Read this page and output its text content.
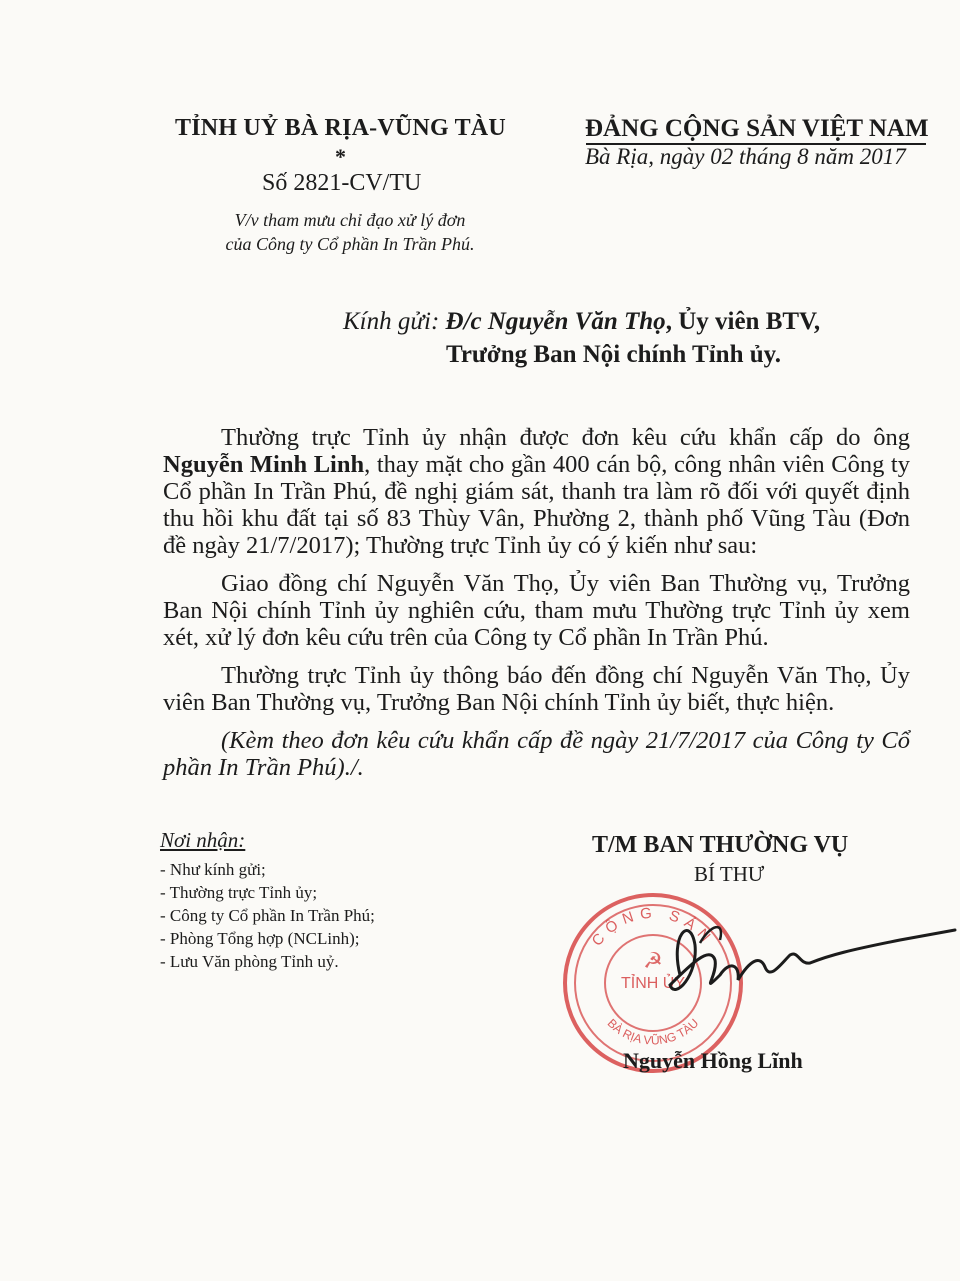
TỈNH UỶ BÀ RỊA-VŨNG TÀU
*
Số 2821-CV/TU
V/v tham mưu chỉ đạo xử lý đơn
của Công ty Cổ phần In Trần Phú.
ĐẢNG CỘNG SẢN VIỆT NAM
Bà Rịa, ngày 02 tháng 8 năm 2017
Kính gửi: Đ/c Nguyễn Văn Thọ, Ủy viên BTV,
Trưởng Ban Nội chính Tỉnh ủy.

Thường trực Tỉnh ủy nhận được đơn kêu cứu khẩn cấp do ông Nguyễn Minh Linh, thay mặt cho gần 400 cán bộ, công nhân viên Công ty Cổ phần In Trần Phú, đề nghị giám sát, thanh tra làm rõ đối với quyết định thu hồi khu đất tại số 83 Thùy Vân, Phường 2, thành phố Vũng Tàu (Đơn đề ngày 21/7/2017); Thường trực Tỉnh ủy có ý kiến như sau:

Giao đồng chí Nguyễn Văn Thọ, Ủy viên Ban Thường vụ, Trưởng Ban Nội chính Tỉnh ủy nghiên cứu, tham mưu Thường trực Tỉnh ủy xem xét, xử lý đơn kêu cứu trên của Công ty Cổ phần In Trần Phú.

Thường trực Tỉnh ủy thông báo đến đồng chí Nguyễn Văn Thọ, Ủy viên Ban Thường vụ, Trưởng Ban Nội chính Tỉnh ủy biết, thực hiện.

(Kèm theo đơn kêu cứu khẩn cấp đề ngày 21/7/2017 của Công ty Cổ phần In Trần Phú)./.

Nơi nhận:
- Như kính gửi;
- Thường trực Tỉnh ủy;
- Công ty Cổ phần In Trần Phú;
- Phòng Tổng hợp (NCLinh);
- Lưu Văn phòng Tỉnh uỷ.
T/M BAN THƯỜNG VỤ
BÍ THƯ
CỘNG SẢN
TỈNH ỦY
BÀ RỊA VŨNG TÀU
☭
Nguyễn Hồng Lĩnh
